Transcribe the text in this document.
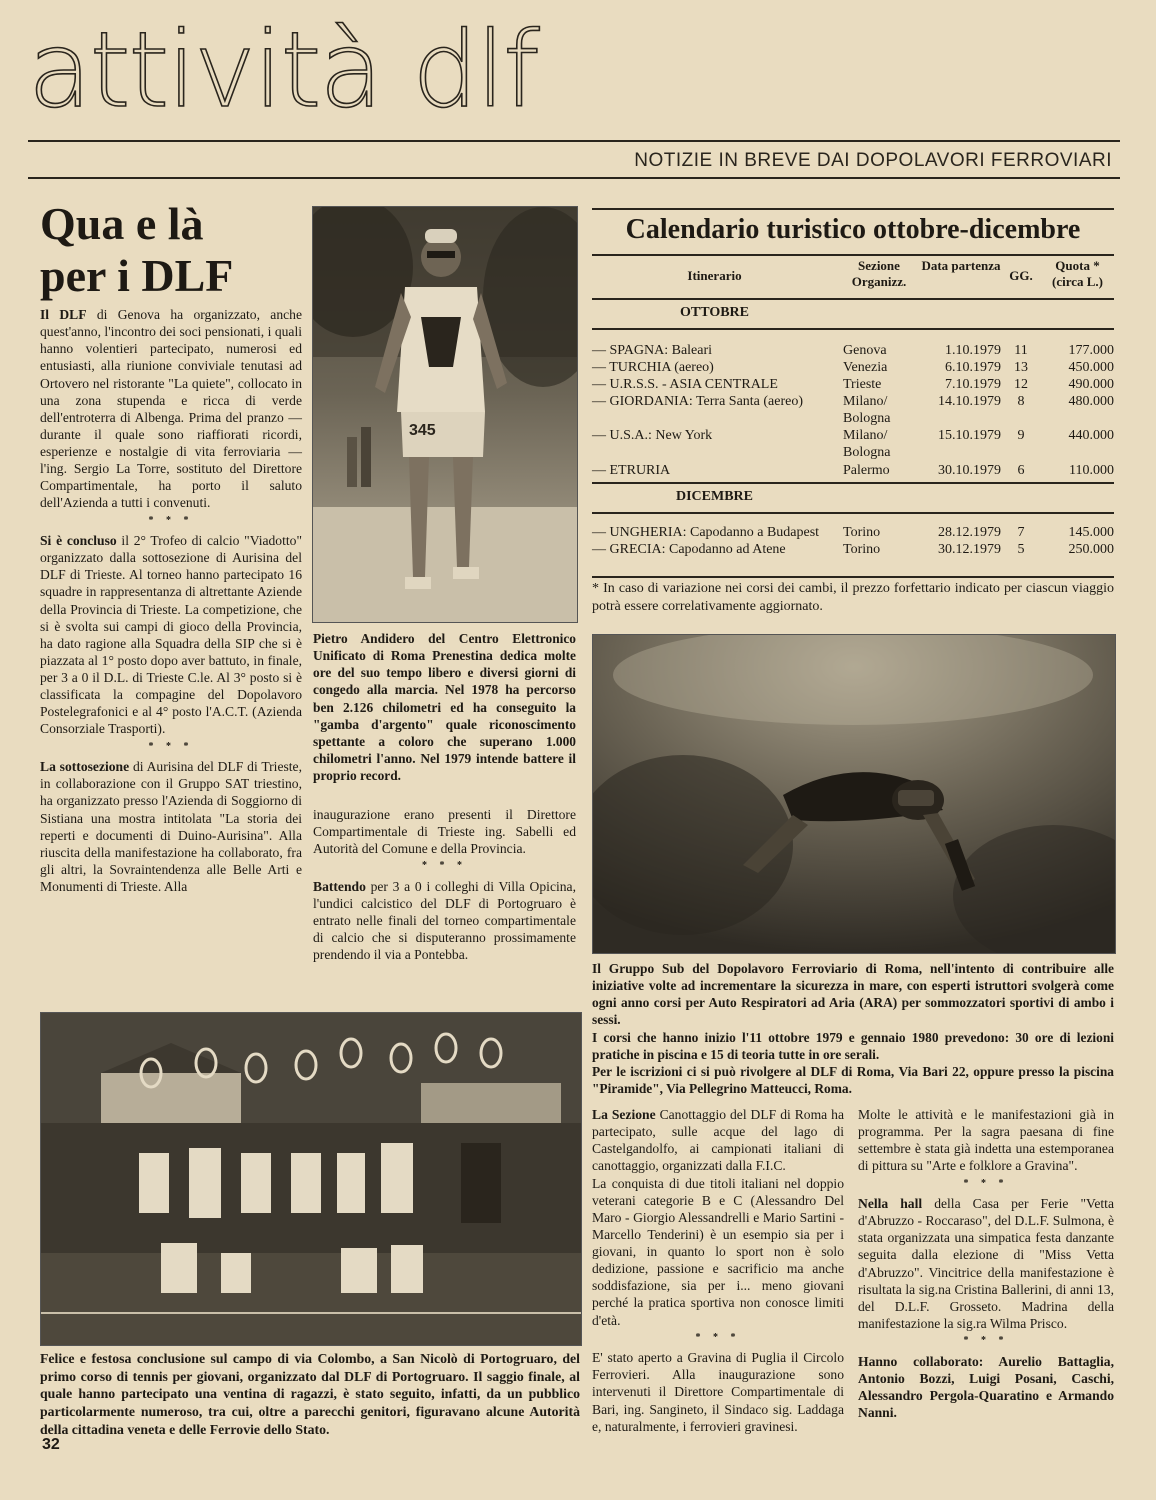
attività dlf
NOTIZIE IN BREVE DAI DOPOLAVORI FERROVIARI
Qua e là
per i DLF

Il DLF di Genova ha organizzato, anche quest'anno, l'incontro dei soci pensionati, i quali hanno volentieri partecipato, numerosi ed entusiasti, alla riunione conviviale tenutasi ad Ortovero nel ristorante "La quiete", collocato in una zona stupenda e ricca di verde dell'entroterra di Albenga. Prima del pranzo — durante il quale sono riaffiorati ricordi, esperienze e nostalgie di vita ferroviaria — l'ing. Sergio La Torre, sostituto del Direttore Compartimentale, ha porto il saluto dell'Azienda a tutti i convenuti.

* * *

Si è concluso il 2° Trofeo di calcio "Viadotto" organizzato dalla sottosezione di Aurisina del DLF di Trieste. Al torneo hanno partecipato 16 squadre in rappresentanza di altrettante Aziende della Provincia di Trieste. La competizione, che si è svolta sui campi di gioco della Provincia, ha dato ragione alla Squadra della SIP che si è piazzata al 1° posto dopo aver battuto, in finale, per 3 a 0 il D.L. di Trieste C.le. Al 3° posto si è classificata la compagine del Dopolavoro Postelegrafonici e al 4° posto l'A.C.T. (Azienda Consorziale Trasporti).

* * *

La sottosezione di Aurisina del DLF di Trieste, in collaborazione con il Gruppo SAT triestino, ha organizzato presso l'Azienda di Soggiorno di Sistiana una mostra intitolata "La storia dei reperti e documenti di Duino-Aurisina". Alla riuscita della manifestazione ha collaborato, fra gli altri, la Sovraintendenza alle Belle Arti e Monumenti di Trieste. Alla

345
Pietro Andidero del Centro Elettronico Unificato di Roma Prenestina dedica molte ore del suo tempo libero e diversi giorni di congedo alla marcia. Nel 1978 ha percorso ben 2.126 chilometri ed ha conseguito la "gamba d'argento" quale riconoscimento spettante a coloro che superano 1.000 chilometri l'anno. Nel 1979 intende battere il proprio record.

inaugurazione erano presenti il Direttore Compartimentale di Trieste ing. Sabelli ed Autorità del Comune e della Provincia.

* * *

Battendo per 3 a 0 i colleghi di Villa Opicina, l'undici calcistico del DLF di Portogruaro è entrato nelle finali del torneo compartimentale di calcio che si disputeranno prossimamente prendendo il via a Pontebba.

Calendario turistico ottobre-dicembre
Itinerario	Sezione Organizz.	Data partenza	GG.	Quota * (circa L.)
OTTOBRE
— SPAGNA: Baleari	Genova	1.10.1979	11	177.000
— TURCHIA (aereo)	Venezia	6.10.1979	13	450.000
— U.R.S.S. - ASIA CENTRALE	Trieste	7.10.1979	12	490.000
— GIORDANIA: Terra Santa (aereo)	Milano/ Bologna	14.10.1979	8	480.000
— U.S.A.: New York	Milano/ Bologna	15.10.1979	9	440.000
— ETRURIA	Palermo	30.10.1979	6	110.000
DICEMBRE
— UNGHERIA: Capodanno a Budapest	Torino	28.12.1979	7	145.000
— GRECIA: Capodanno ad Atene	Torino	30.12.1979	5	250.000
* In caso di variazione nei corsi dei cambi, il prezzo forfettario indicato per ciascun viaggio potrà essere correlativamente aggiornato.
Il Gruppo Sub del Dopolavoro Ferroviario di Roma, nell'intento di contribuire alle iniziative volte ad incrementare la sicurezza in mare, con esperti istruttori svolgerà come ogni anno corsi per Auto Respiratori ad Aria (ARA) per sommozzatori sportivi di ambo i sessi.
I corsi che hanno inizio l'11 ottobre 1979 e gennaio 1980 prevedono: 30 ore di lezioni pratiche in piscina e 15 di teoria tutte in ore serali.
Per le iscrizioni ci si può rivolgere al DLF di Roma, Via Bari 22, oppure presso la piscina "Piramide", Via Pellegrino Matteucci, Roma.
Felice e festosa conclusione sul campo di via Colombo, a San Nicolò di Portogruaro, del primo corso di tennis per giovani, organizzato dal DLF di Portogruaro. Il saggio finale, al quale hanno partecipato una ventina di ragazzi, è stato seguito, infatti, da un pubblico particolarmente numeroso, tra cui, oltre a parecchi genitori, figuravano alcune Autorità della cittadina veneta e delle Ferrovie dello Stato.

La Sezione Canottaggio del DLF di Roma ha partecipato, sulle acque del lago di Castelgandolfo, ai campionati italiani di canottaggio, organizzati dalla F.I.C.

La conquista di due titoli italiani nel doppio veterani categorie B e C (Alessandro Del Maro - Giorgio Alessandrelli e Mario Sartini - Marcello Tenderini) è un esempio sia per i giovani, in quanto lo sport non è solo dedizione, passione e sacrificio ma anche soddisfazione, sia per i... meno giovani perché la pratica sportiva non conosce limiti d'età.

* * *

E' stato aperto a Gravina di Puglia il Circolo Ferrovieri. Alla inaugurazione sono intervenuti il Direttore Compartimentale di Bari, ing. Sangineto, il Sindaco sig. Laddaga e, naturalmente, i ferrovieri gravinesi.

Molte le attività e le manifestazioni già in programma. Per la sagra paesana di fine settembre è stata già indetta una estemporanea di pittura su "Arte e folklore a Gravina".

* * *

Nella hall della Casa per Ferie "Vetta d'Abruzzo - Roccaraso", del D.L.F. Sulmona, è stata organizzata una simpatica festa danzante seguita dalla elezione di "Miss Vetta d'Abruzzo". Vincitrice della manifestazione è risultata la sig.na Cristina Ballerini, di anni 13, del D.L.F. Grosseto. Madrina della manifestazione la sig.ra Wilma Prisco.

* * *

Hanno collaborato: Aurelio Battaglia, Antonio Bozzi, Luigi Posani, Caschi, Alessandro Pergola-Quaratino e Armando Nanni.

32
